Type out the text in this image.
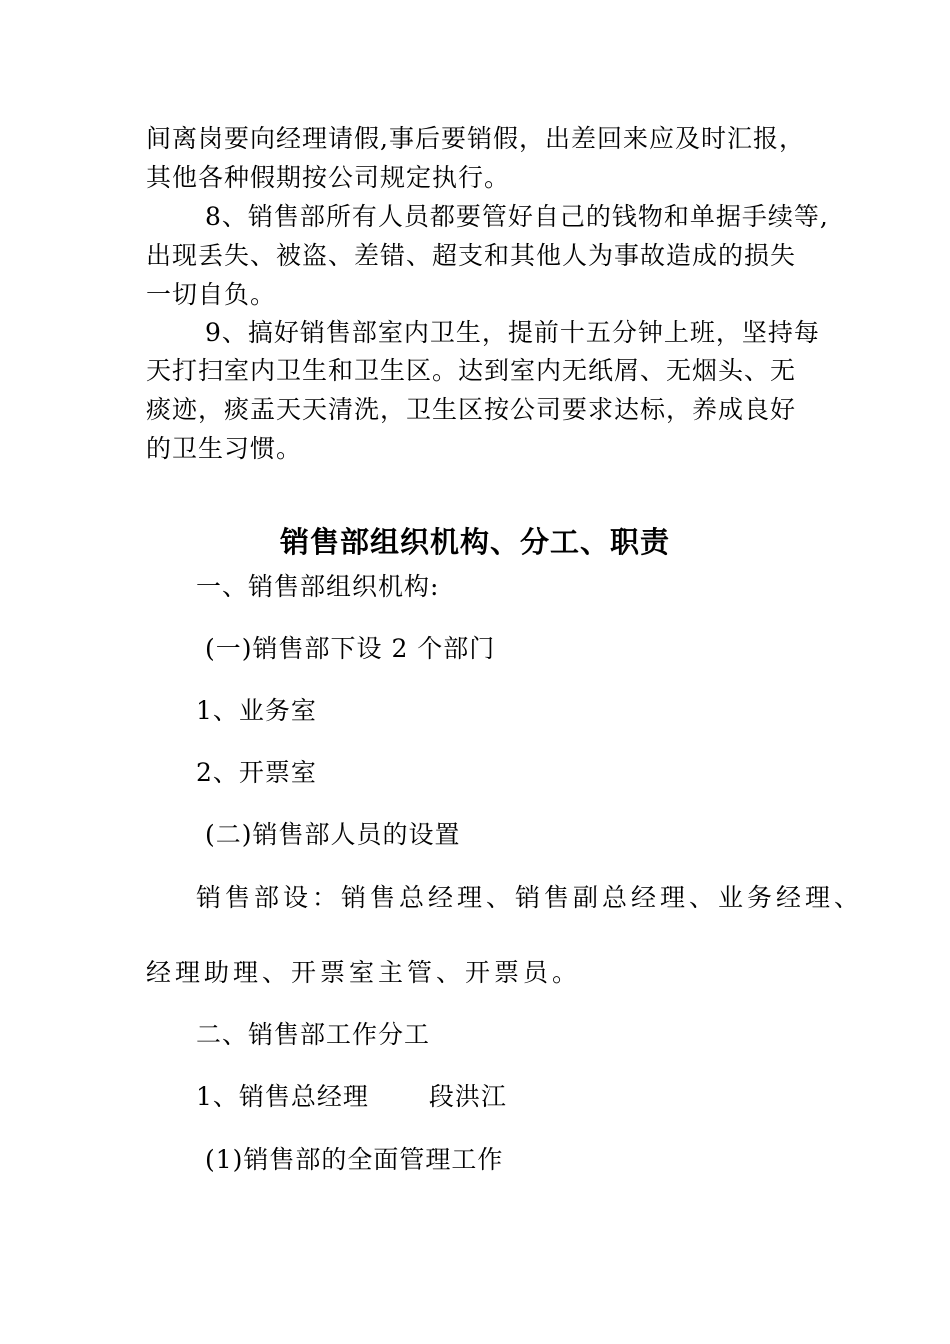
间离岗要向经理请假,事后要销假，出差回来应及时汇报，
其他各种假期按公司规定执行。
8、销售部所有人员都要管好自己的钱物和单据手续等,
出现丢失、被盗、差错、超支和其他人为事故造成的损失
一切自负。
9、搞好销售部室内卫生，提前十五分钟上班，坚持每
天打扫室内卫生和卫生区。达到室内无纸屑、无烟头、无
痰迹，痰盂天天清洗，卫生区按公司要求达标，养成良好
的卫生习惯。
销售部组织机构、分工、职责
一、销售部组织机构:
(一)销售部下设 2 个部门
1、业务室
2、开票室
(二)销售部人员的设置
销售部设：销售总经理、销售副总经理、业务经理、
经理助理、开票室主管、开票员。
二、销售部工作分工
1、销售总经理 段洪江
(1)销售部的全面管理工作
